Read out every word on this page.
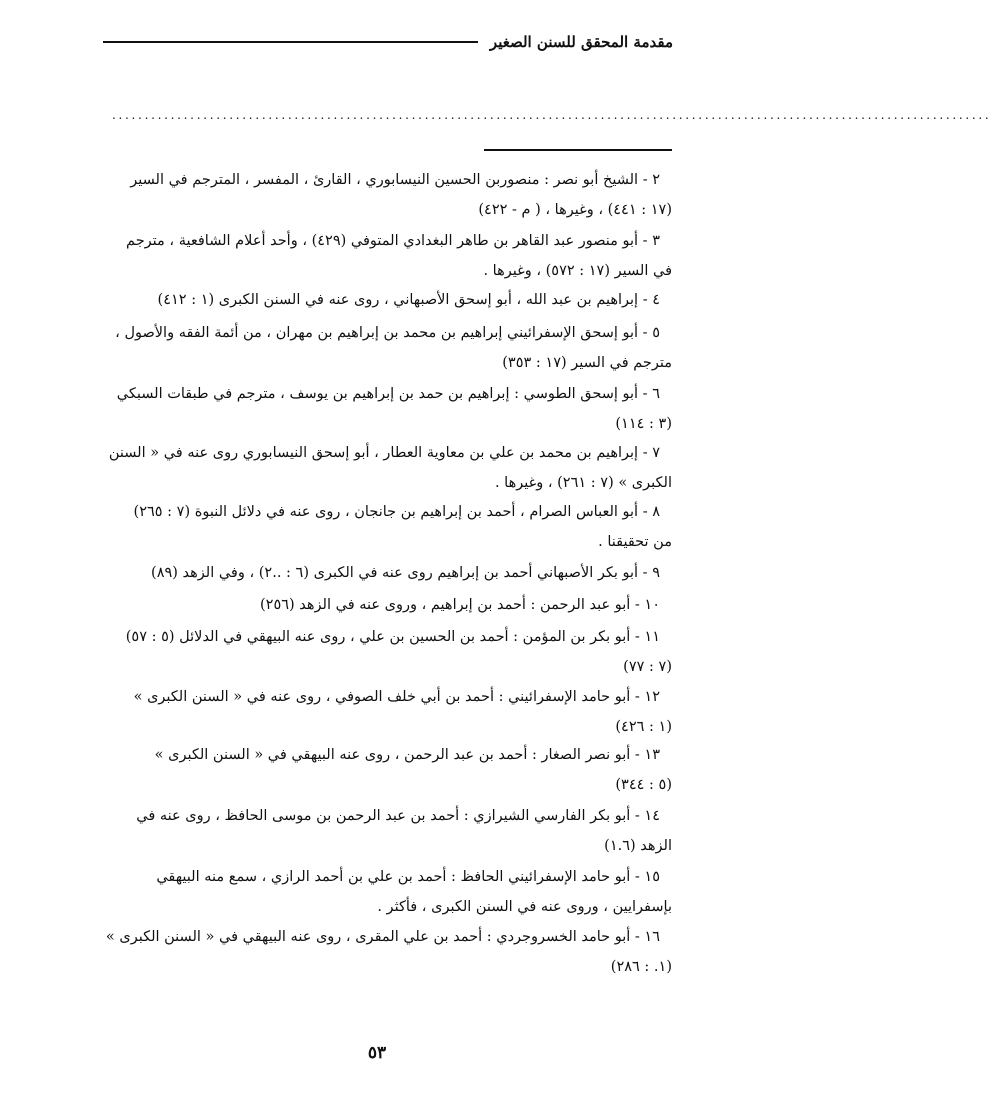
مقدمة المحقق للسنن الصغير
.......................................................................................................................................
٢ - الشيخ أبو نصر : منصوربن الحسين النيسابوري ، القارئ ، المفسر ، المترجم في السير
(١٧ : ٤٤١) ، وغيرها ، ( م - ٤٢٢)
٣ - أبو منصور عبد القاهر بن طاهر البغدادي المتوفي (٤٢٩) ، وأحد أعلام الشافعية ، مترجم
في السير (١٧ : ٥٧٢) ، وغيرها .
٤ - إبراهيم بن عبد الله ، أبو إسحق الأصبهاني ، روى عنه في السنن الكبرى (١ : ٤١٢)
٥ - أبو إسحق الإسفرائيني إبراهيم بن محمد بن إبراهيم بن مهران ، من أئمة الفقه والأصول ،
مترجم في السير (١٧ : ٣٥٣)
٦ - أبو إسحق الطوسي : إبراهيم بن حمد بن إبراهيم بن يوسف ، مترجم في طبقات السبكي
(٣ : ١١٤)
٧ - إبراهيم بن محمد بن علي بن معاوية العطار ، أبو إسحق النيسابوري روى عنه في « السنن
الكبرى » (٧ : ٢٦١) ، وغيرها .
٨ - أبو العباس الصرام ، أحمد بن إبراهيم بن جانجان ، روى عنه في دلائل النبوة (٧ : ٢٦٥)
من تحقيقنا .
٩ - أبو بكر الأصبهاني أحمد بن إبراهيم روى عنه في الكبرى (٦ : ..٢) ، وفي الزهد (٨٩)
١٠ - أبو عبد الرحمن : أحمد بن إبراهيم ، وروى عنه في الزهد (٢٥٦)
١١ - أبو بكر بن المؤمن : أحمد بن الحسين بن علي ، روى عنه البيهقي في الدلائل (٥ : ٥٧)
(٧ : ٧٧)
١٢ - أبو حامد الإسفرائيني : أحمد بن أبي خلف الصوفي ، روى عنه في « السنن الكبرى »
(١ : ٤٢٦)
١٣ - أبو نصر الصغار : أحمد بن عبد الرحمن ، روى عنه البيهقي في « السنن الكبرى »
(٥ : ٣٤٤)
١٤ - أبو بكر الفارسي الشيرازي : أحمد بن عبد الرحمن بن موسى الحافظ ، روى عنه في
الزهد (١.٦)
١٥ - أبو حامد الإسفرائيني الحافظ : أحمد بن علي بن أحمد الرازي ، سمع منه البيهقي
بإسفرايين ، وروى عنه في السنن الكبرى ، فأكثر .
١٦ - أبو حامد الخسروجردي : أحمد بن علي المقرى ، روى عنه البيهقي في « السنن الكبرى »
(١. : ٢٨٦)
٥٣
